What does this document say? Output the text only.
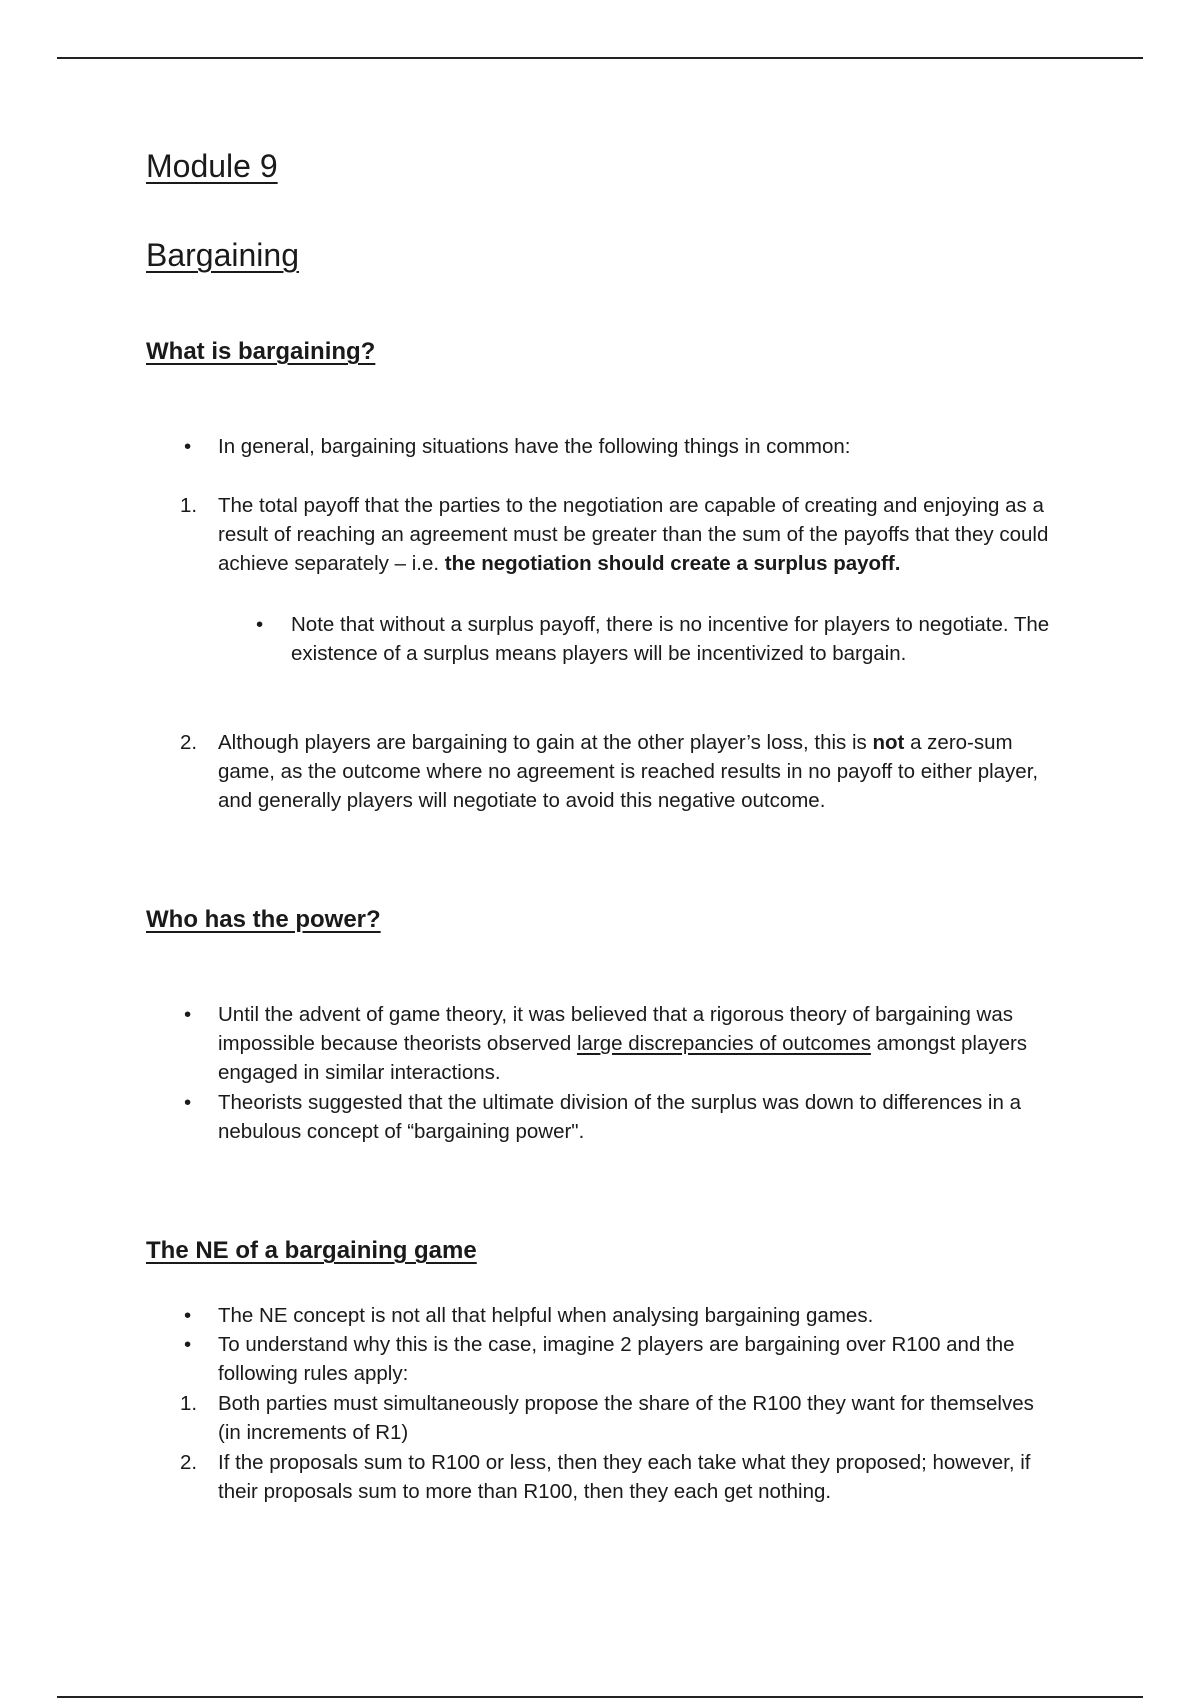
Module 9
Bargaining
What is bargaining?
•	In general, bargaining situations have the following things in common:
1.	The total payoff that the parties to the negotiation are capable of creating and enjoying as a result of reaching an agreement must be greater than the sum of the payoffs that they could achieve separately – i.e. the negotiation should create a surplus payoff.
•	Note that without a surplus payoff, there is no incentive for players to negotiate. The existence of a surplus means players will be incentivized to bargain.
2.	Although players are bargaining to gain at the other player’s loss, this is not a zero-sum game, as the outcome where no agreement is reached results in no payoff to either player, and generally players will negotiate to avoid this negative outcome.
Who has the power?
•	Until the advent of game theory, it was believed that a rigorous theory of bargaining was impossible because theorists observed large discrepancies of outcomes amongst players engaged in similar interactions.
•	Theorists suggested that the ultimate division of the surplus was down to differences in a nebulous concept of “bargaining power".
The NE of a bargaining game
•	The NE concept is not all that helpful when analysing bargaining games.
•	To understand why this is the case, imagine 2 players are bargaining over R100 and the following rules apply:
1.	Both parties must simultaneously propose the share of the R100 they want for themselves (in increments of R1)
2.	If the proposals sum to R100 or less, then they each take what they proposed; however, if their proposals sum to more than R100, then they each get nothing.
